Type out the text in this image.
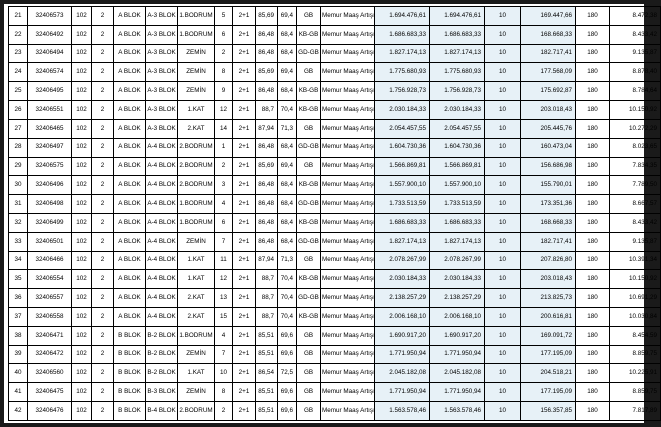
21	32406573	102	2	A BLOK	A-3 BLOK	1.BODRUM	5	2+1	85,69	69,4	GB	Memur Maaş Artışı	1.694.476,61	1.694.476,61	10	169.447,66	180	8.472,38
22	32406492	102	2	A BLOK	A-3 BLOK	1.BODRUM	6	2+1	86,48	68,4	KB-GB	Memur Maaş Artışı	1.686.683,33	1.686.683,33	10	168.668,33	180	8.433,42
23	32406494	102	2	A BLOK	A-3 BLOK	ZEMİN	2	2+1	86,48	68,4	GD-GB	Memur Maaş Artışı	1.827.174,13	1.827.174,13	10	182.717,41	180	9.135,87
24	32406574	102	2	A BLOK	A-3 BLOK	ZEMİN	8	2+1	85,69	69,4	GB	Memur Maaş Artışı	1.775.680,93	1.775.680,93	10	177.568,09	180	8.878,40
25	32406495	102	2	A BLOK	A-3 BLOK	ZEMİN	9	2+1	86,48	68,4	KB-GB	Memur Maaş Artışı	1.756.928,73	1.756.928,73	10	175.692,87	180	8.784,64
26	32406551	102	2	A BLOK	A-3 BLOK	1.KAT	12	2+1	88,7	70,4	KB-GB	Memur Maaş Artışı	2.030.184,33	2.030.184,33	10	203.018,43	180	10.150,92
27	32406465	102	2	A BLOK	A-3 BLOK	2.KAT	14	2+1	87,94	71,3	GB	Memur Maaş Artışı	2.054.457,55	2.054.457,55	10	205.445,76	180	10.272,29
28	32406497	102	2	A BLOK	A-4 BLOK	2.BODRUM	1	2+1	86,48	68,4	GD-GB	Memur Maaş Artışı	1.604.730,36	1.604.730,36	10	160.473,04	180	8.023,65
29	32406575	102	2	A BLOK	A-4 BLOK	2.BODRUM	2	2+1	85,69	69,4	GB	Memur Maaş Artışı	1.566.869,81	1.566.869,81	10	156.686,98	180	7.834,35
30	32406496	102	2	A BLOK	A-4 BLOK	2.BODRUM	3	2+1	86,48	68,4	KB-GB	Memur Maaş Artışı	1.557.900,10	1.557.900,10	10	155.790,01	180	7.789,50
31	32406498	102	2	A BLOK	A-4 BLOK	1.BODRUM	4	2+1	86,48	68,4	GD-GB	Memur Maaş Artışı	1.733.513,59	1.733.513,59	10	173.351,36	180	8.667,57
32	32406499	102	2	A BLOK	A-4 BLOK	1.BODRUM	6	2+1	86,48	68,4	KB-GB	Memur Maaş Artışı	1.686.683,33	1.686.683,33	10	168.668,33	180	8.433,42
33	32406501	102	2	A BLOK	A-4 BLOK	ZEMİN	7	2+1	86,48	68,4	GD-GB	Memur Maaş Artışı	1.827.174,13	1.827.174,13	10	182.717,41	180	9.135,87
34	32406466	102	2	A BLOK	A-4 BLOK	1.KAT	11	2+1	87,94	71,3	GB	Memur Maaş Artışı	2.078.267,99	2.078.267,99	10	207.826,80	180	10.391,34
35	32406554	102	2	A BLOK	A-4 BLOK	1.KAT	12	2+1	88,7	70,4	KB-GB	Memur Maaş Artışı	2.030.184,33	2.030.184,33	10	203.018,43	180	10.150,92
36	32406557	102	2	A BLOK	A-4 BLOK	2.KAT	13	2+1	88,7	70,4	GD-GB	Memur Maaş Artışı	2.138.257,29	2.138.257,29	10	213.825,73	180	10.691,29
37	32406558	102	2	A BLOK	A-4 BLOK	2.KAT	15	2+1	88,7	70,4	KB-GB	Memur Maaş Artışı	2.006.168,10	2.006.168,10	10	200.616,81	180	10.030,84
38	32406471	102	2	B BLOK	B-2 BLOK	1.BODRUM	4	2+1	85,51	69,6	GB	Memur Maaş Artışı	1.690.917,20	1.690.917,20	10	169.091,72	180	8.454,59
39	32406472	102	2	B BLOK	B-2 BLOK	ZEMİN	7	2+1	85,51	69,6	GB	Memur Maaş Artışı	1.771.950,94	1.771.950,94	10	177.195,09	180	8.859,75
40	32406560	102	2	B BLOK	B-2 BLOK	1.KAT	10	2+1	86,54	72,5	GB	Memur Maaş Artışı	2.045.182,08	2.045.182,08	10	204.518,21	180	10.225,91
41	32406475	102	2	B BLOK	B-3 BLOK	ZEMİN	8	2+1	85,51	69,6	GB	Memur Maaş Artışı	1.771.950,94	1.771.950,94	10	177.195,09	180	8.859,75
42	32406476	102	2	B BLOK	B-4 BLOK	2.BODRUM	2	2+1	85,51	69,6	GB	Memur Maaş Artışı	1.563.578,46	1.563.578,46	10	156.357,85	180	7.817,89
